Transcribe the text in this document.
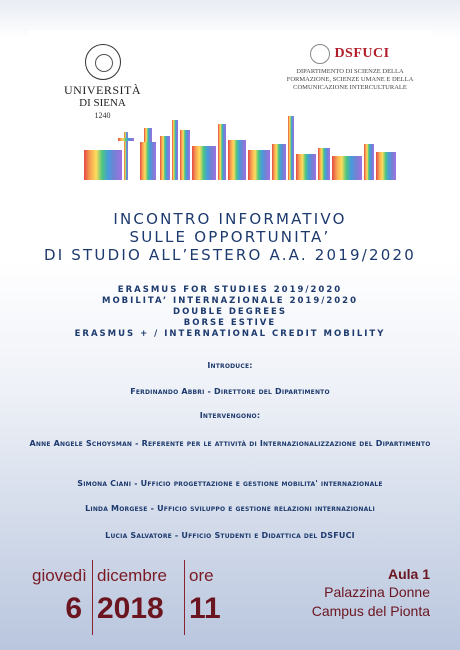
UNIVERSITÀ
DI SIENA
1240
DSFUCI
DIPARTIMENTO DI SCIENZE DELLA
FORMAZIONE, SCIENZE UMANE E DELLA
COMUNICAZIONE INTERCULTURALE
INCONTRO INFORMATIVO
SULLE OPPORTUNITA’
DI STUDIO ALL’ESTERO A.A. 2019/2020
ERASMUS FOR STUDIES 2019/2020
MOBILITA’ INTERNAZIONALE 2019/2020
DOUBLE DEGREES
BORSE ESTIVE
ERASMUS + / INTERNATIONAL CREDIT MOBILITY
Introduce:
Ferdinando Abbri - Direttore del Dipartimento
Intervengono:
Anne Angele Schoysman - Referente per le attività di Internazionalizzazione del Dipartimento
Simona Ciani - Ufficio progettazione e gestione mobilita' internazionale
Linda Morgese - Ufficio sviluppo e gestione relazioni internazionali
Lucia Salvatore - Ufficio Studenti e Didattica del DSFUCI
giovedì
6
dicembre
2018
ore
11
Aula 1
Palazzina Donne
Campus del Pionta
